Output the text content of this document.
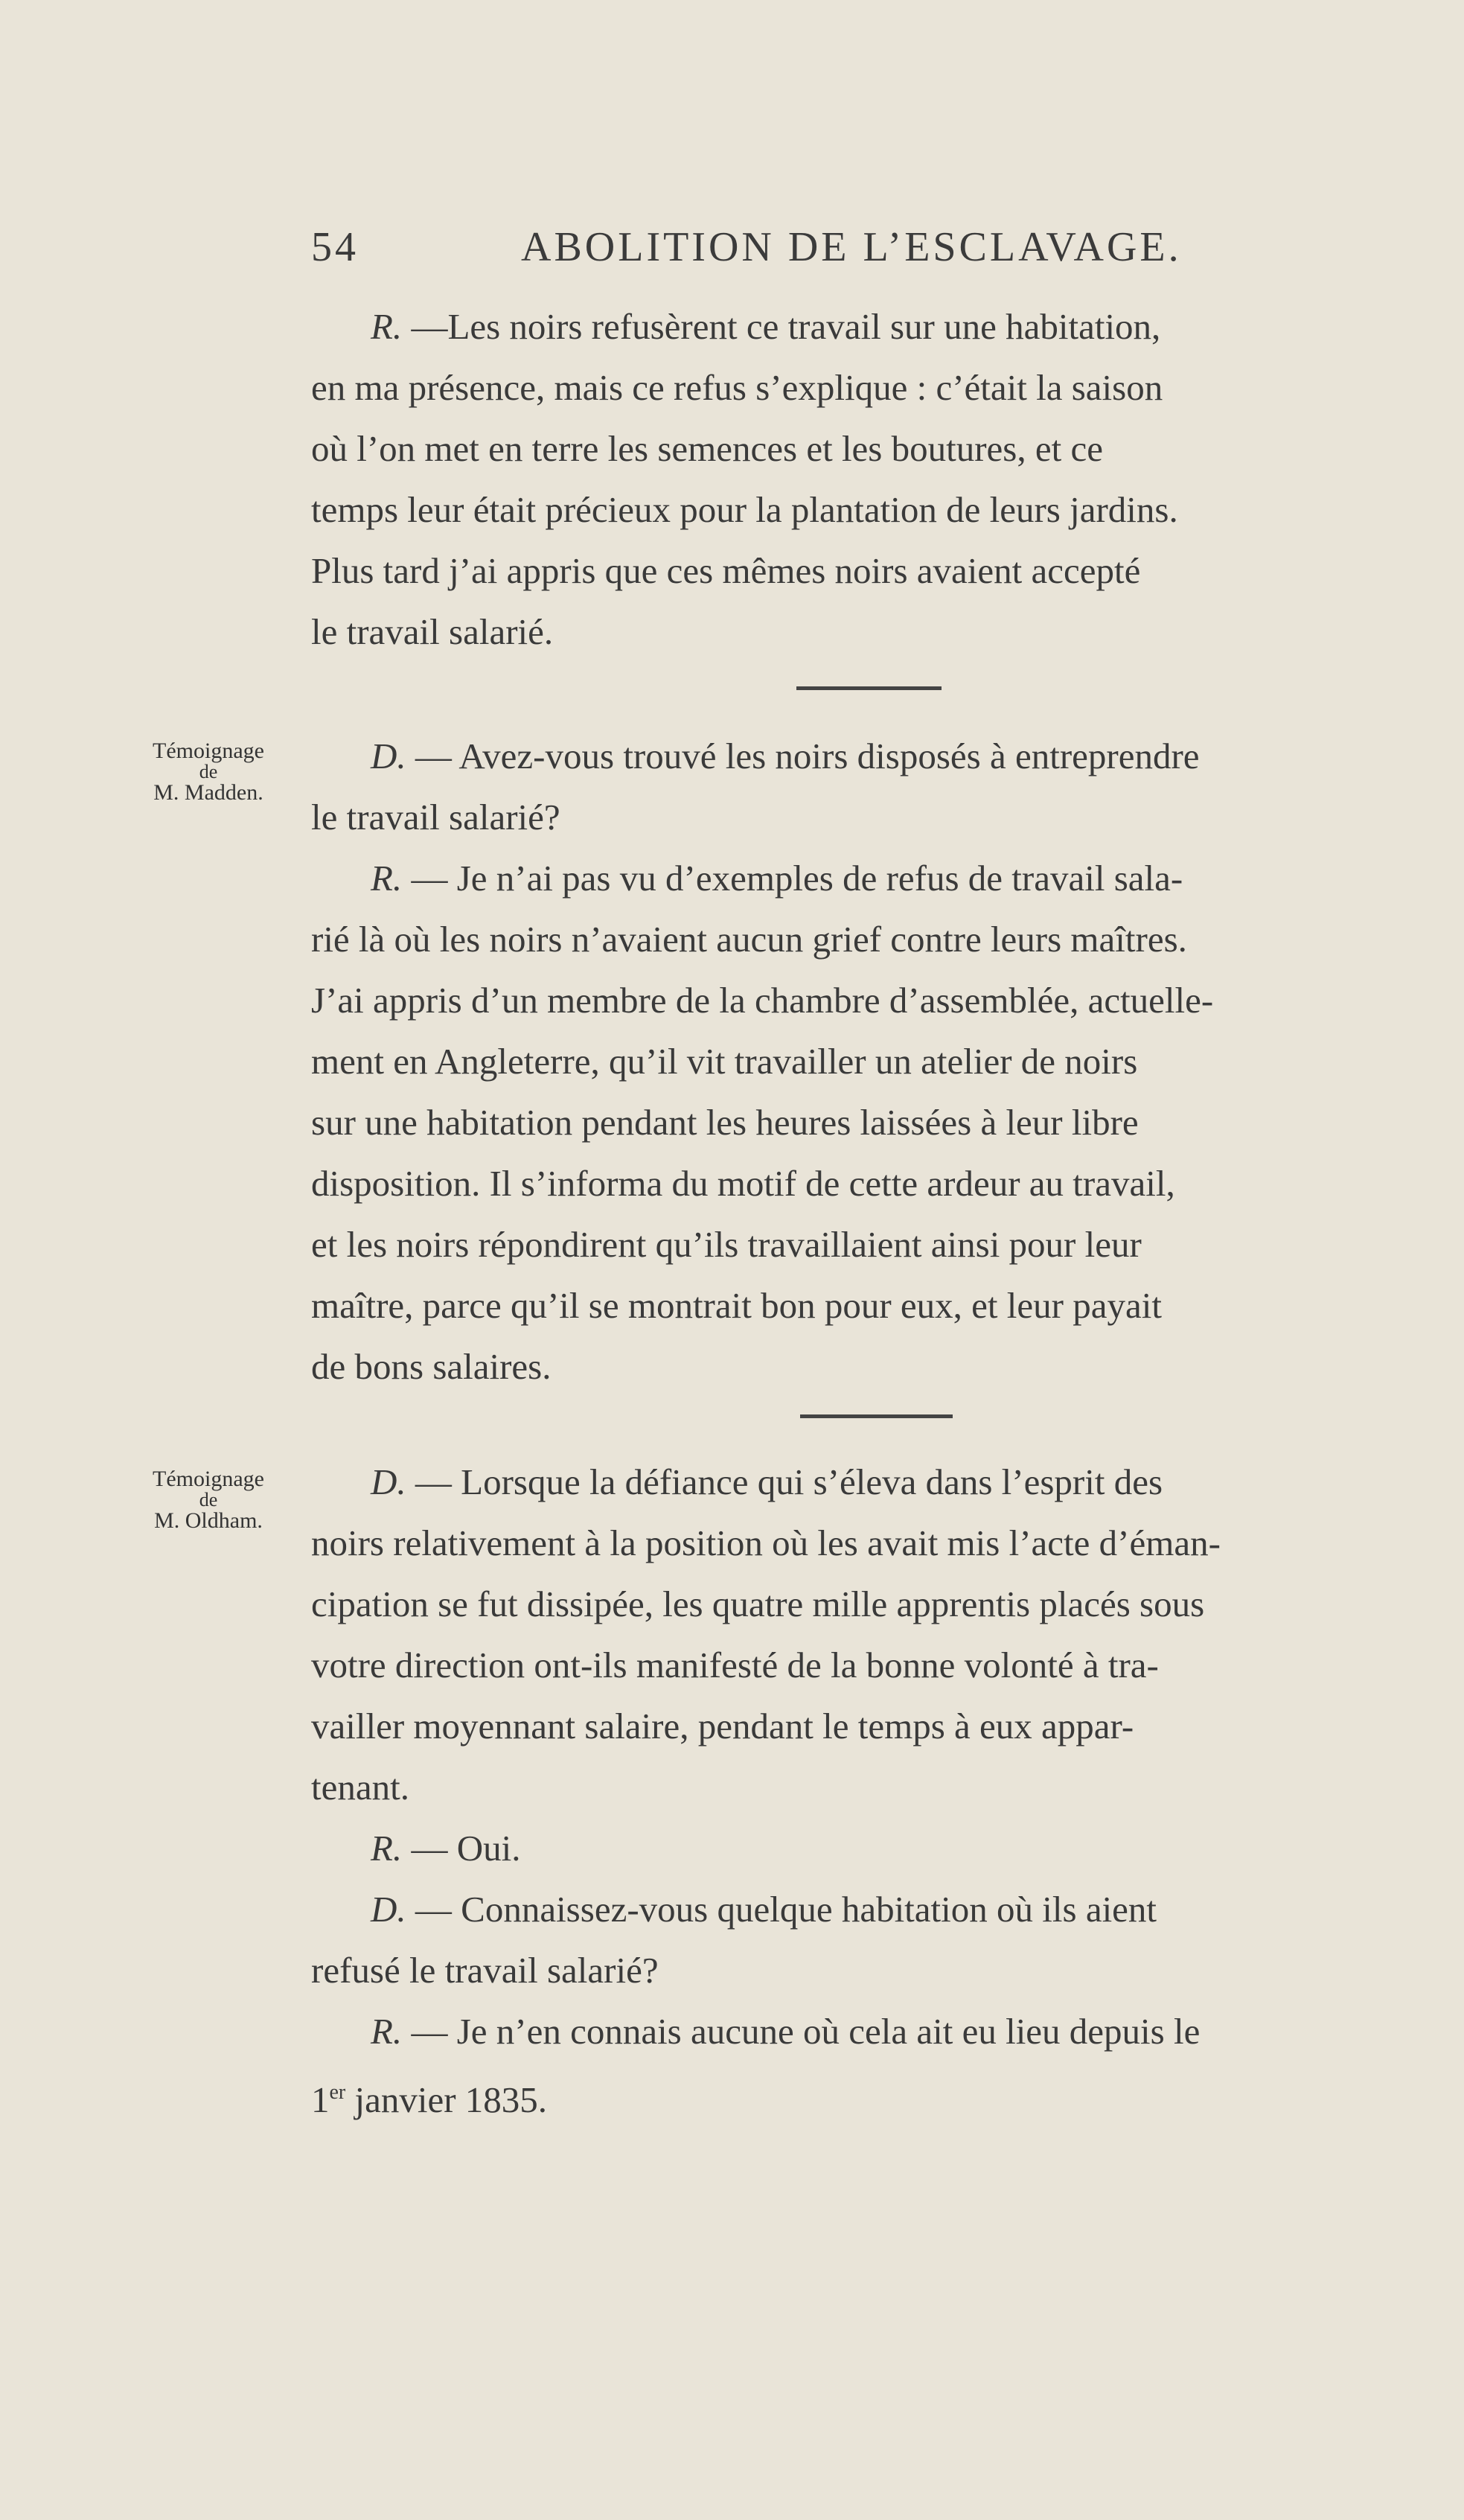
54	ABOLITION DE L’ESCLAVAGE.
R. —Les noirs refusèrent ce travail sur une habitation,
en ma présence, mais ce refus s’explique : c’était la saison
où l’on met en terre les semences et les boutures, et ce
temps leur était précieux pour la plantation de leurs jardins.
Plus tard j’ai appris que ces mêmes noirs avaient accepté
le travail salarié.
Témoignage
de
M. Madden.
D. — Avez-vous trouvé les noirs disposés à entreprendre
le travail salarié?
R. — Je n’ai pas vu d’exemples de refus de travail sala-
rié là où les noirs n’avaient aucun grief contre leurs maîtres.
J’ai appris d’un membre de la chambre d’assemblée, actuelle-
ment en Angleterre, qu’il vit travailler un atelier de noirs
sur une habitation pendant les heures laissées à leur libre
disposition. Il s’informa du motif de cette ardeur au travail,
et les noirs répondirent qu’ils travaillaient ainsi pour leur
maître, parce qu’il se montrait bon pour eux, et leur payait
de bons salaires.
Témoignage
de
M. Oldham.
D. — Lorsque la défiance qui s’éleva dans l’esprit des
noirs relativement à la position où les avait mis l’acte d’éman-
cipation se fut dissipée, les quatre mille apprentis placés sous
votre direction ont-ils manifesté de la bonne volonté à tra-
vailler moyennant salaire, pendant le temps à eux appar-
tenant.
R. — Oui.
D. — Connaissez-vous quelque habitation où ils aient
refusé le travail salarié?
R. — Je n’en connais aucune où cela ait eu lieu depuis le
1er janvier 1835.
